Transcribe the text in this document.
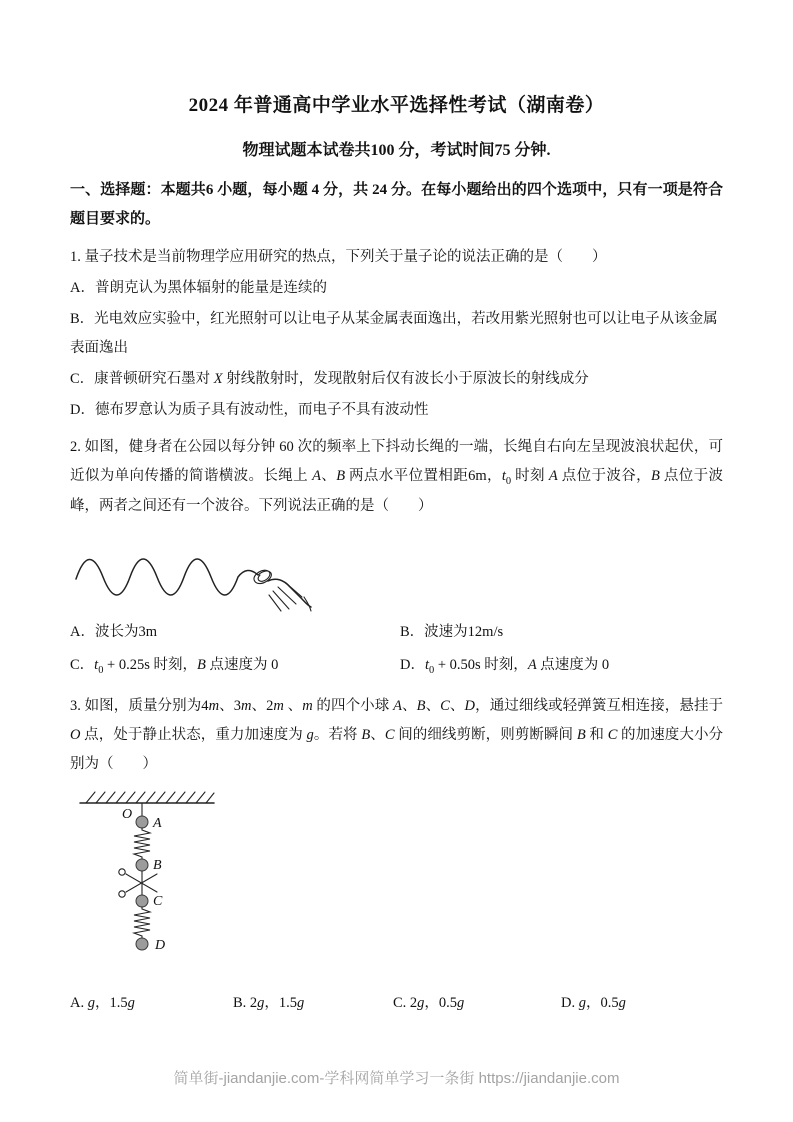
2024 年普通高中学业水平选择性考试（湖南卷）
物理试题本试卷共100 分，考试时间75 分钟.

一、选择题：本题共6 小题，每小题 4 分，共 24 分。在每小题给出的四个选项中，只有一项是符合题目要求的。

1. 量子技术是当前物理学应用研究的热点，下列关于量子论的说法正确的是（　　）

A．普朗克认为黑体辐射的能量是连续的

B．光电效应实验中，红光照射可以让电子从某金属表面逸出，若改用紫光照射也可以让电子从该金属表面逸出

C．康普顿研究石墨对 X 射线散射时，发现散射后仅有波长小于原波长的射线成分

D．德布罗意认为质子具有波动性，而电子不具有波动性

2. 如图，健身者在公园以每分钟 60 次的频率上下抖动长绳的一端，长绳自右向左呈现波浪状起伏，可近似为单向传播的简谐横波。长绳上 A、B 两点水平位置相距6m，$t_0$ 时刻 A 点位于波谷，B 点位于波峰，两者之间还有一个波谷。下列说法正确的是（　　）

A．波长为3m	B．波速为12m/s
C．$t_0 + 0.25s$ 时刻，B 点速度为 0	D．$t_0 + 0.50s$ 时刻，A 点速度为 0

3. 如图，质量分别为4m、3m、2m 、m 的四个小球 A、B、C、D，通过细线或轻弹簧互相连接，悬挂于 O 点，处于静止状态，重力加速度为 g。若将 B、C 间的细线剪断，则剪断瞬间 B 和 C 的加速度大小分别为（　　）

O
A
B
C
D
A. g，1.5g	B. 2g，1.5g	C. 2g，0.5g	D. g，0.5g
简单街-jiandanjie.com-学科网简单学习一条街 https://jiandanjie.com
